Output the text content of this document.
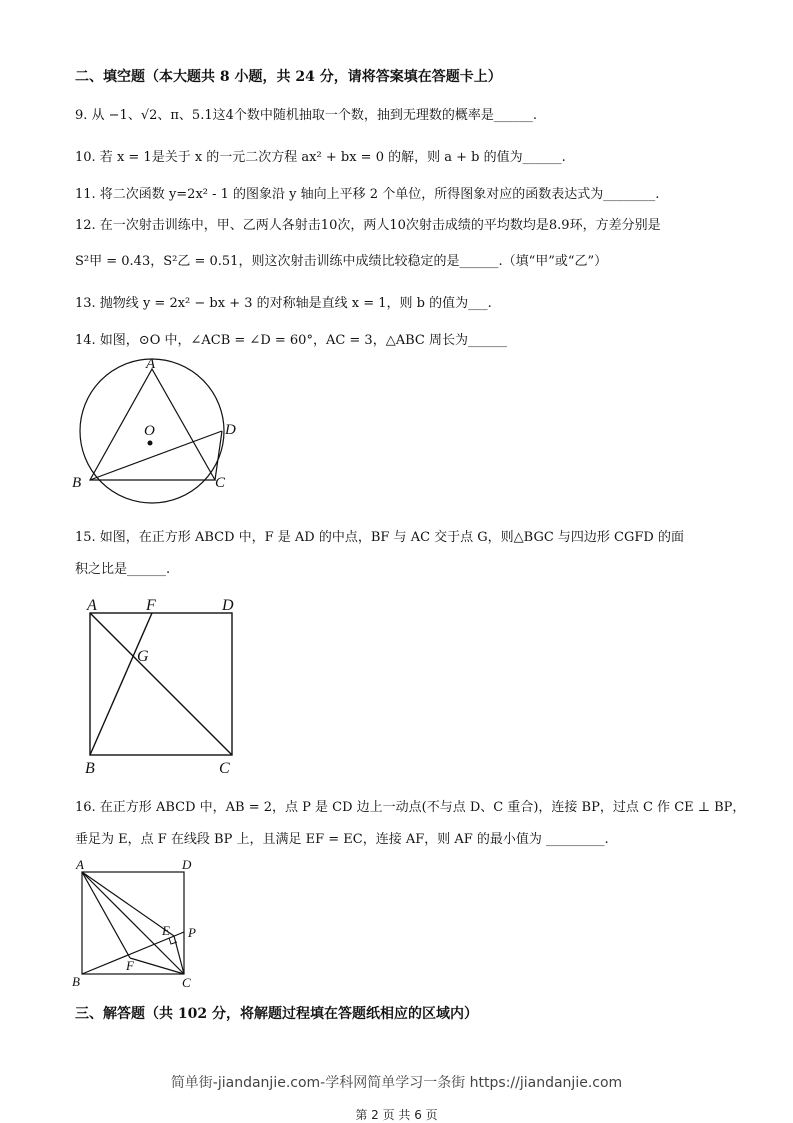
二、填空题（本大题共 8 小题，共 24 分，请将答案填在答题卡上）
9. 从 −1、√2、π、5.1这4个数中随机抽取一个数，抽到无理数的概率是______.
10. 若 x = 1是关于 x 的一元二次方程 ax² + bx = 0 的解，则 a + b 的值为______.
11. 将二次函数 y=2x² - 1 的图象沿 y 轴向上平移 2 个单位，所得图象对应的函数表达式为________.
12. 在一次射击训练中，甲、乙两人各射击10次，两人10次射击成绩的平均数均是8.9环，方差分别是
S²甲 = 0.43，S²乙 = 0.51，则这次射击训练中成绩比较稳定的是______.（填“甲”或“乙”）
13. 抛物线 y = 2x² − bx + 3 的对称轴是直线 x = 1，则 b 的值为___.
14. 如图，⊙O 中，∠ACB = ∠D = 60°，AC = 3，△ABC 周长为______
A
O	D
B	C
15. 如图，在正方形 ABCD 中，F 是 AD 的中点，BF 与 AC 交于点 G，则△BGC 与四边形 CGFD 的面
积之比是______.
A	F	D
G
B	C
16. 在正方形 ABCD 中，AB = 2，点 P 是 CD 边上一动点(不与点 D、C 重合)，连接 BP，过点 C 作 CE ⊥ BP，
垂足为 E，点 F 在线段 BP 上，且满足 EF = EC，连接 AF，则 AF 的最小值为 _________.
A	D
E P
F
B	C
三、解答题（共 102 分，将解题过程填在答题纸相应的区域内）
简单街-jiandanjie.com-学科网简单学习一条街 https://jiandanjie.com
第 2 页 共 6 页
